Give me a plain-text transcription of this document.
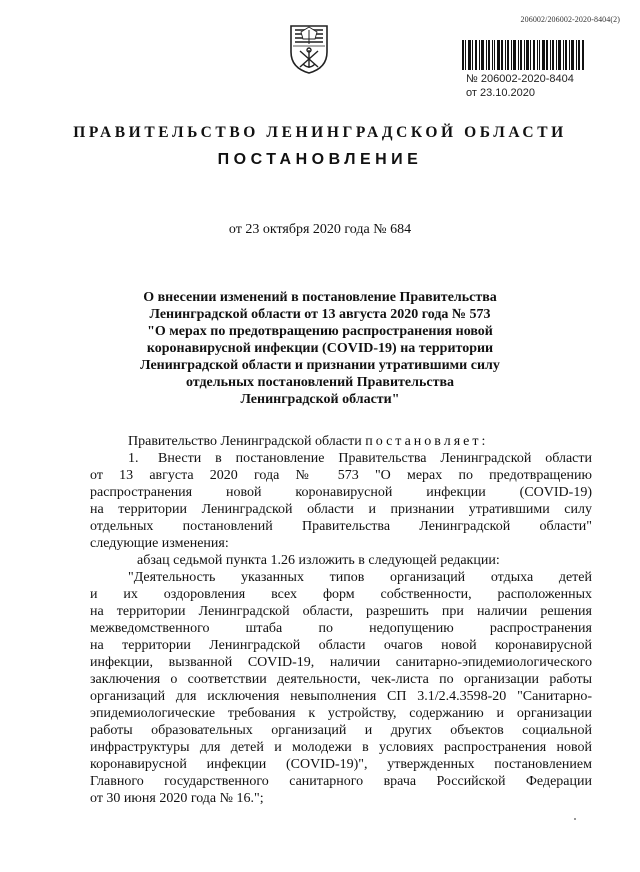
206002/206002-2020-8404(2)
№ 206002-2020-8404
от 23.10.2020
ПРАВИТЕЛЬСТВО ЛЕНИНГРАДСКОЙ ОБЛАСТИ
ПОСТАНОВЛЕНИЕ
от 23 октября 2020 года № 684
О внесении изменений в постановление Правительства
Ленинградской области от 13 августа 2020 года № 573
"О мерах по предотвращению распространения новой
коронавирусной инфекции (COVID-19) на территории
Ленинградской области и признании утратившими силу
отдельных постановлений Правительства
Ленинградской области"
Правительство Ленинградской области постановляет:
1. Внести в постановление Правительства Ленинградской области
от 13 августа 2020 года № 573 "О мерах по предотвращению
распространения новой коронавирусной инфекции (COVID-19)
на территории Ленинградской области и признании утратившими силу
отдельных постановлений Правительства Ленинградской области"
следующие изменения:
абзац седьмой пункта 1.26 изложить в следующей редакции:
"Деятельность указанных типов организаций отдыха детей
и их оздоровления всех форм собственности, расположенных
на территории Ленинградской области, разрешить при наличии решения
межведомственного штаба по недопущению распространения
на территории Ленинградской области очагов новой коронавирусной
инфекции, вызванной COVID-19, наличии санитарно-эпидемиологического
заключения о соответствии деятельности, чек-листа по организации работы
организаций для исключения невыполнения СП 3.1/2.4.3598-20 "Санитарно-
эпидемиологические требования к устройству, содержанию и организации
работы образовательных организаций и других объектов социальной
инфраструктуры для детей и молодежи в условиях распространения новой
коронавирусной инфекции (COVID-19)", утвержденных постановлением
Главного государственного санитарного врача Российской Федерации
от 30 июня 2020 года № 16.";
